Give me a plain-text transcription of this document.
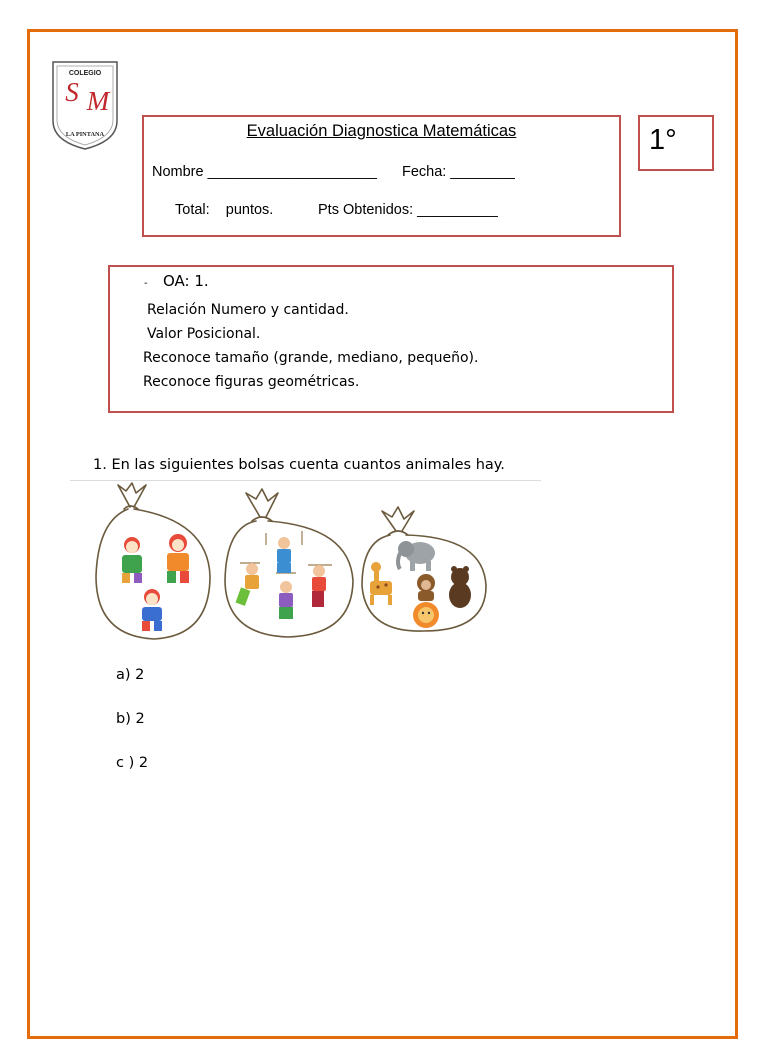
COLEGIO
S M
LA PINTANA	Evaluación Diagnostica Matemáticas
Nombre _____________________ Fecha: ________
Total:    puntos.	Pts Obtenidos: __________
1°
- OA: 1.
Relación Numero y cantidad.
Valor Posicional.
Reconoce tamaño (grande, mediano, pequeño).
Reconoce figuras geométricas.
1. En las siguientes bolsas cuenta cuantos animales hay.
a) 2
b) 2
c ) 2
